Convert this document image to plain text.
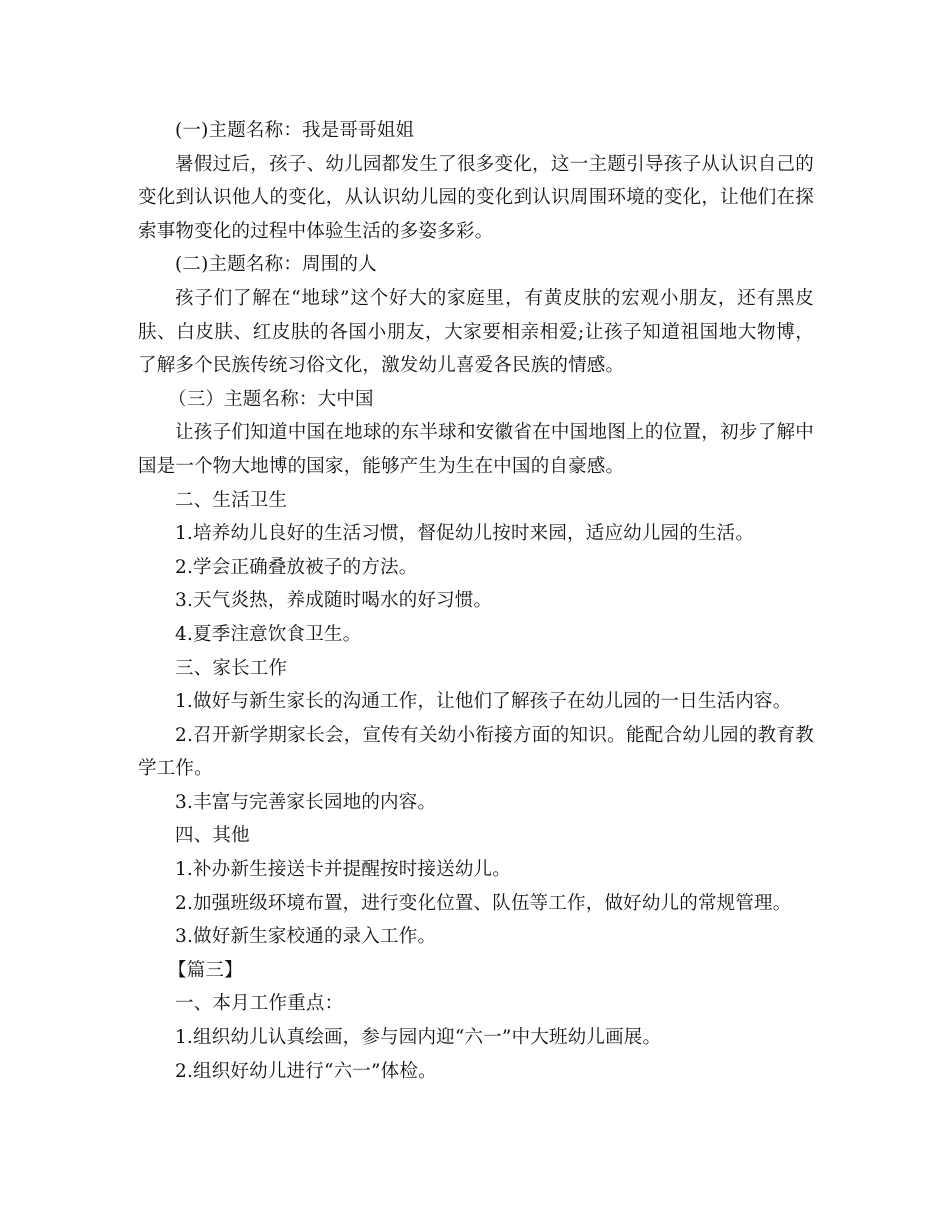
(一)主题名称：我是哥哥姐姐

暑假过后，孩子、幼儿园都发生了很多变化，这一主题引导孩子从认识自己的变化到认识他人的变化，从认识幼儿园的变化到认识周围环境的变化，让他们在探索事物变化的过程中体验生活的多姿多彩。

(二)主题名称：周围的人

孩子们了解在“地球”这个好大的家庭里，有黄皮肤的宏观小朋友，还有黑皮肤、白皮肤、红皮肤的各国小朋友，大家要相亲相爱;让孩子知道祖国地大物博，了解多个民族传统习俗文化，激发幼儿喜爱各民族的情感。

（三）主题名称：大中国

让孩子们知道中国在地球的东半球和安徽省在中国地图上的位置，初步了解中国是一个物大地博的国家，能够产生为生在中国的自豪感。

二、生活卫生

1.培养幼儿良好的生活习惯，督促幼儿按时来园，适应幼儿园的生活。

2.学会正确叠放被子的方法。

3.天气炎热，养成随时喝水的好习惯。

4.夏季注意饮食卫生。

三、家长工作

1.做好与新生家长的沟通工作，让他们了解孩子在幼儿园的一日生活内容。

2.召开新学期家长会，宣传有关幼小衔接方面的知识。能配合幼儿园的教育教学工作。

3.丰富与完善家长园地的内容。

四、其他

1.补办新生接送卡并提醒按时接送幼儿。

2.加强班级环境布置，进行变化位置、队伍等工作，做好幼儿的常规管理。

3.做好新生家校通的录入工作。

【篇三】

一、本月工作重点：

1.组织幼儿认真绘画，参与园内迎“六一”中大班幼儿画展。

2.组织好幼儿进行“六一”体检。
